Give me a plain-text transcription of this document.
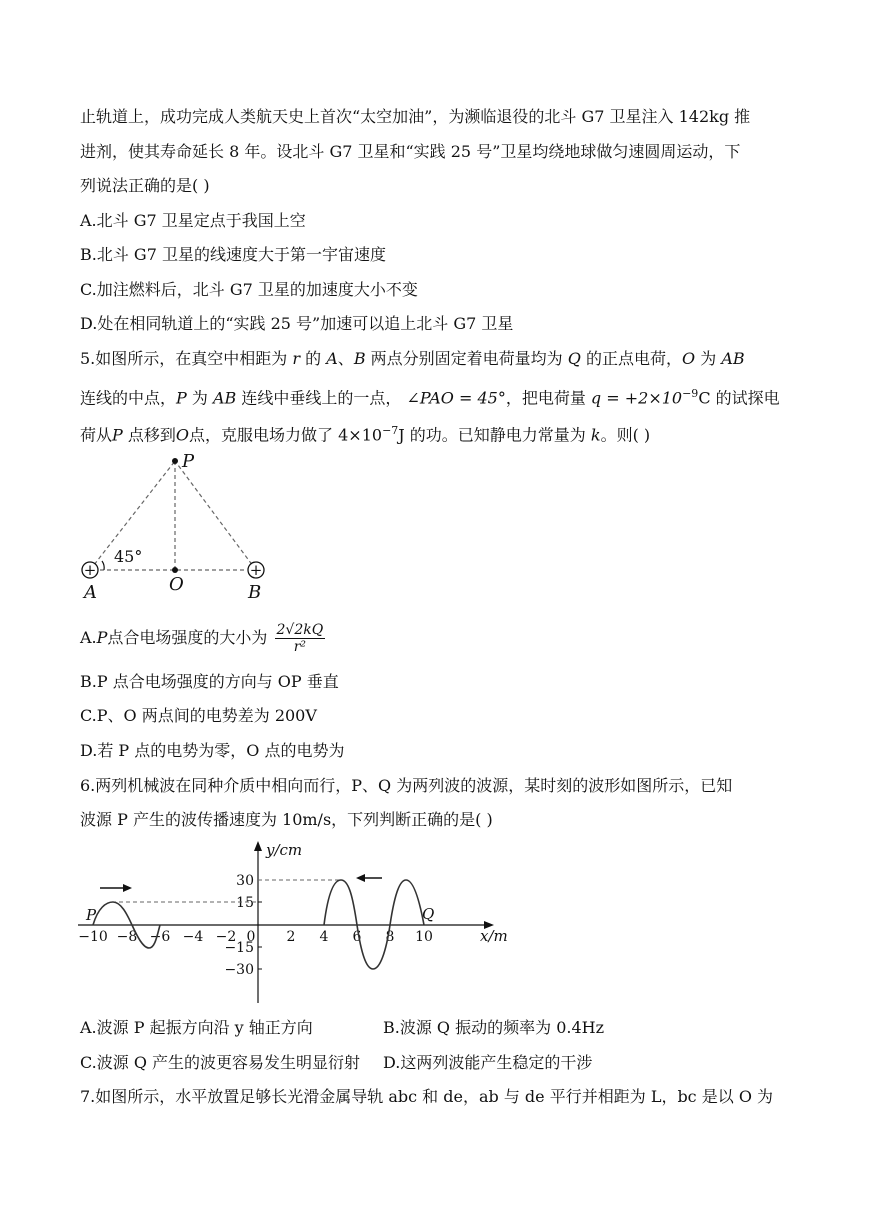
止轨道上，成功完成人类航天史上首次“太空加油”，为濒临退役的北斗 G7 卫星注入 142kg 推
进剂，使其寿命延长 8 年。设北斗 G7 卫星和“实践 25 号”卫星均绕地球做匀速圆周运动，下
列说法正确的是( )
A.北斗 G7 卫星定点于我国上空
B.北斗 G7 卫星的线速度大于第一宇宙速度
C.加注燃料后，北斗 G7 卫星的加速度大小不变
D.处在相同轨道上的“实践 25 号”加速可以追上北斗 G7 卫星
5.如图所示，在真空中相距为 r 的 A、B 两点分别固定着电荷量均为 Q 的正点电荷，O 为 AB
连线的中点，P 为 AB 连线中垂线上的一点， ∠PAO = 45°，把电荷量 $q = +2\times 10^{-9}C$ 的试探电
荷从P 点移到O点，克服电场力做了 $4\times 10^{-7}J$ 的功。已知静电力常量为 k。则( )
45°
P
O
+
A
+
B
A.P点合电场强度的大小为 $\frac{2√2kQ}{\text{r²}}$
B.P 点合电场强度的方向与 OP 垂直
C.P、O 两点间的电势差为 200V
D.若 P 点的电势为零，O 点的电势为
6.两列机械波在同种介质中相向而行，P、Q 为两列波的波源，某时刻的波形如图所示，已知
波源 P 产生的波传播速度为 10m/s，下列判断正确的是( )
y/cm
x/m
30
15
−15
−30
−10 −8 −6 −4 −2 0 2 4 6 8 10
P	Q
A.波源 P 起振方向沿 y 轴正方向	B.波源 Q 振动的频率为 0.4Hz
C.波源 Q 产生的波更容易发生明显衍射 D.这两列波能产生稳定的干涉
7.如图所示，水平放置足够长光滑金属导轨 abc 和 de，ab 与 de 平行并相距为 L，bc 是以 O 为
